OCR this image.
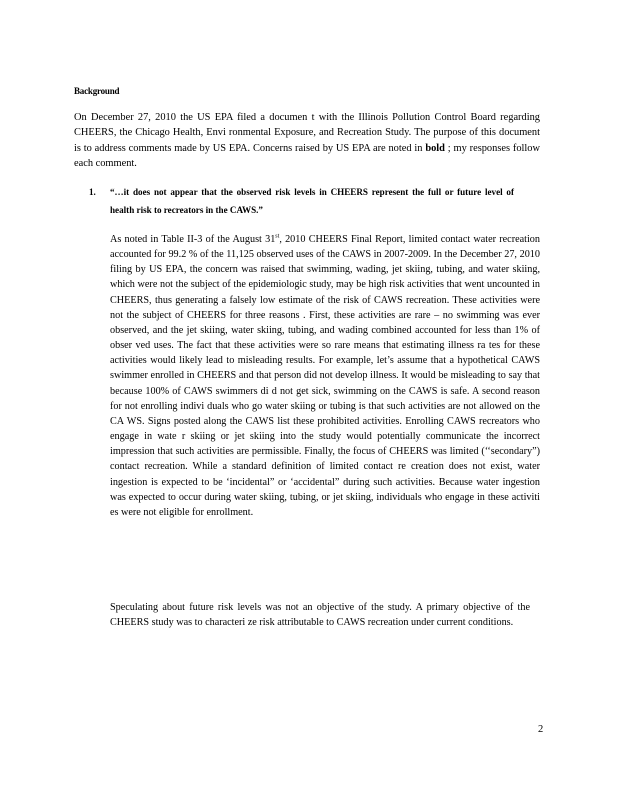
Background
On December 27, 2010 the US EPA filed a documen t with the Illinois Pollution Control Board regarding CHEERS, the Chicago Health, Envi ronmental Exposure, and Recreation Study. The purpose of this document is to address comments made by US EPA. Concerns raised by US EPA are noted in bold ; my responses follow each comment.
1. “…it does not appear that the observed risk levels in CHEERS represent the full or future level of health risk to recreators in the CAWS.”
As noted in Table II-3 of the August 31st, 2010 CHEERS Final Report, limited contact water recreation accounted for 99.2 % of the 11,125 observed uses of the CAWS in 2007-2009. In the December 27, 2010 filing by US EPA, the concern was raised that swimming, wading, jet skiing, tubing, and water skiing, which were not the subject of the epidemiologic study, may be high risk activities that went uncounted in CHEERS, thus generating a falsely low estimate of the risk of CAWS recreation. These activities were not the subject of CHEERS for three reasons . First, these activities are rare – no swimming was ever observed, and the jet skiing, water skiing, tubing, and wading combined accounted for less than 1% of obser ved uses. The fact that these activities were so rare means that estimating illness ra tes for these activities would likely lead to misleading results. For example, let’s assume that a hypothetical CAWS swimmer enrolled in CHEERS and that person did not develop illness. It would be misleading to say that because 100% of CAWS swimmers di d not get sick, swimming on the CAWS is safe. A second reason for not enrolling indivi duals who go water skiing or tubing is that such activities are not allowed on the CA WS. Signs posted along the CAWS list these prohibited activities. Enrolling CAWS recreators who engage in wate r skiing or jet skiing into the study would potentially communicate the incorrect impression that such activities are permissible. Finally, the focus of CHEERS was limited (‘‘secondary”) contact recreation. While a standard definition of limited contact re creation does not exist, water ingestion is expected to be ‘incidental” or ‘accidental” during such activities. Because water ingestion was expected to occur during water skiing, tubing, or jet skiing, individuals who engage in these activiti es were not eligible for enrollment.
Speculating about future risk levels was not an objective of the study. A primary objective of the CHEERS study was to characteri ze risk attributable to CAWS recreation under current conditions.
2
